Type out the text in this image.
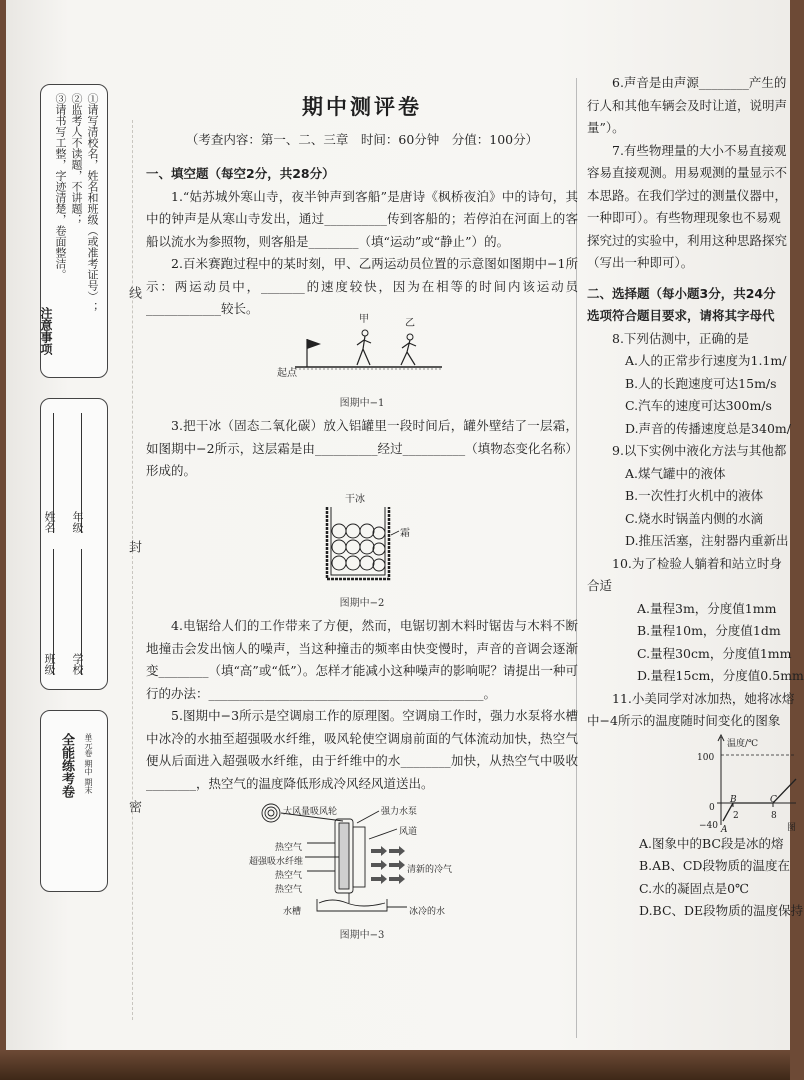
①请写清校名，姓名和班级（或准考证号）；
②监考人不读题，不讲题；
③请书写工整，字迹清楚，卷面整洁。
注意事项
年级
姓名
学校
班级
单元卷 期中 期末
全能练考卷
线
封
密
期中测评卷
（考查内容：第一、二、三章　时间：60分钟　分值：100分）
一、填空题（每空2分，共28分）

1.“姑苏城外寒山寺，夜半钟声到客船”是唐诗《枫桥夜泊》中的诗句，其中的钟声是从寒山寺发出，通过__________传到客船的；若停泊在河面上的客船以流水为参照物，则客船是________（填“运动”或“静止”）的。

2.百米赛跑过程中的某时刻，甲、乙两运动员位置的示意图如图期中−1所示：两运动员中，_______的速度较快，因为在相等的时间内该运动员____________较长。

甲	乙
起点
图期中−1

3.把干冰（固态二氧化碳）放入铝罐里一段时间后，罐外壁结了一层霜，如图期中−2所示，这层霜是由__________经过__________（填物态变化名称）形成的。

干冰
霜
图期中−2

4.电锯给人们的工作带来了方便，然而，电锯切割木料时锯齿与木料不断地撞击会发出恼人的噪声，当这种撞击的频率由快变慢时，声音的音调会逐渐变________（填“高”或“低”）。怎样才能减小这种噪声的影响呢？请提出一种可行的办法：____________________________________________。

5.图期中−3所示是空调扇工作的原理图。空调扇工作时，强力水泵将水槽中冰冷的水抽至超强吸水纤维，吸风轮使空调扇前面的气体流动加快，热空气便从后面进入超强吸水纤维，由于纤维中的水________加快，从热空气中吸收________，热空气的温度降低形成冷风经风道送出。

大风量吸风轮	强力水泵
风道
热空气
超强吸水纤维
热空气
清新的冷气
热空气
水槽	冰冷的水
图期中−3

6.声音是由声源________产生的

行人和其他车辆会及时让道，说明声

量”）。

7.有些物理量的大小不易直接观

容易直接观测。用易观测的量显示不

本思路。在我们学过的测量仪器中，

一种即可）。有些物理现象也不易观

探究过的实验中，利用这种思路探究

（写出一种即可）。

二、选择题（每小题3分，共24分
选项符合题目要求，请将其字母代

8.下列估测中，正确的是

A.人的正常步行速度为1.1m/
B.人的长跑速度可达15m/s
C.汽车的速度可达300m/s
D.声音的传播速度总是340m/

9.以下实例中液化方法与其他都

A.煤气罐中的液体
B.一次性打火机中的液体
C.烧水时锅盖内侧的水滴
D.推压活塞，注射器内重新出

10.为了检验人躺着和站立时身

合适

A.量程3m，分度值1mm
B.量程10m，分度值1dm
C.量程30cm，分度值1mm
D.量程15cm，分度值0.5mm

11.小美同学对冰加热，她将冰熔

中−4所示的温度随时间变化的图象

温度/℃
100
0
−40 A
B	C
2	8
图
A.图象中的BC段是冰的熔
B.AB、CD段物质的温度在
C.水的凝固点是0℃
D.BC、DE段物质的温度保持
